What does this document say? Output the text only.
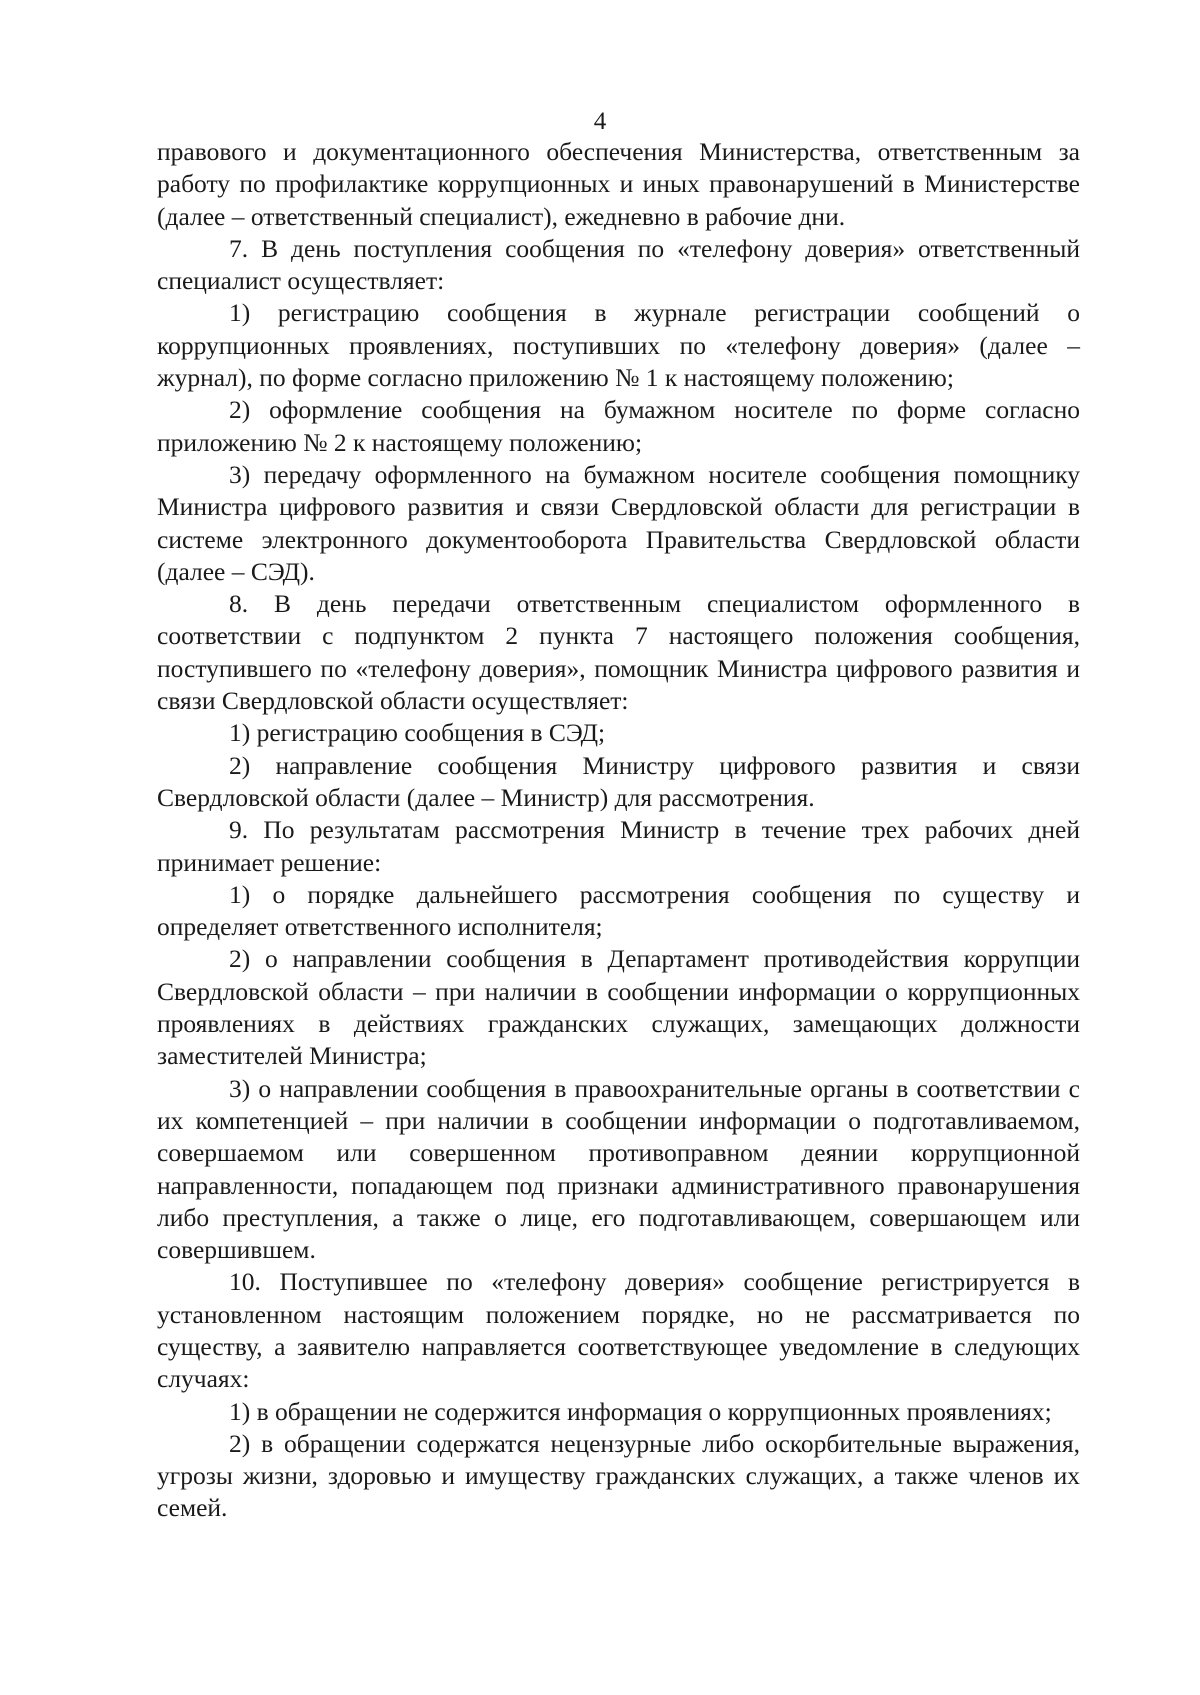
4

правового и документационного обеспечения Министерства, ответственным за работу по профилактике коррупционных и иных правонарушений в Министерстве (далее – ответственный специалист), ежедневно в рабочие дни.

7. В день поступления сообщения по «телефону доверия» ответственный специалист осуществляет:

1) регистрацию сообщения в журнале регистрации сообщений о коррупционных проявлениях, поступивших по «телефону доверия» (далее – журнал), по форме согласно приложению № 1 к настоящему положению;

2) оформление сообщения на бумажном носителе по форме согласно приложению № 2 к настоящему положению;

3) передачу оформленного на бумажном носителе сообщения помощнику Министра цифрового развития и связи Свердловской области для регистрации в системе электронного документооборота Правительства Свердловской области (далее – СЭД).

8. В день передачи ответственным специалистом оформленного в соответствии с подпунктом 2 пункта 7 настоящего положения сообщения, поступившего по «телефону доверия», помощник Министра цифрового развития и связи Свердловской области осуществляет:

1) регистрацию сообщения в СЭД;

2) направление сообщения Министру цифрового развития и связи Свердловской области (далее – Министр) для рассмотрения.

9. По результатам рассмотрения Министр в течение трех рабочих дней принимает решение:

1) о порядке дальнейшего рассмотрения сообщения по существу и определяет ответственного исполнителя;

2) о направлении сообщения в Департамент противодействия коррупции Свердловской области – при наличии в сообщении информации о коррупционных проявлениях в действиях гражданских служащих, замещающих должности заместителей Министра;

3) о направлении сообщения в правоохранительные органы в соответствии с их компетенцией – при наличии в сообщении информации о подготавливаемом, совершаемом или совершенном противоправном деянии коррупционной направленности, попадающем под признаки административного правонарушения либо преступления, а также о лице, его подготавливающем, совершающем или совершившем.

10. Поступившее по «телефону доверия» сообщение регистрируется в установленном настоящим положением порядке, но не рассматривается по существу, а заявителю направляется соответствующее уведомление в следующих случаях:

1) в обращении не содержится информация о коррупционных проявлениях;

2) в обращении содержатся нецензурные либо оскорбительные выражения, угрозы жизни, здоровью и имуществу гражданских служащих, а также членов их семей.
